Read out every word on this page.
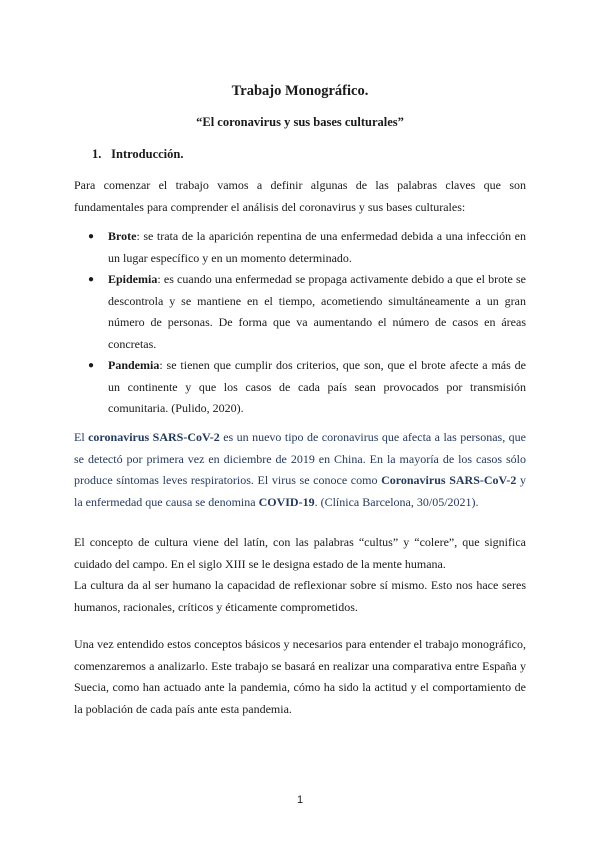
Trabajo Monográfico.
“El coronavirus y sus bases culturales”
1. Introducción.

Para comenzar el trabajo vamos a definir algunas de las palabras claves que son fundamentales para comprender el análisis del coronavirus y sus bases culturales:

● Brote: se trata de la aparición repentina de una enfermedad debida a una infección en un lugar específico y en un momento determinado.
● Epidemia: es cuando una enfermedad se propaga activamente debido a que el brote se descontrola y se mantiene en el tiempo, acometiendo simultáneamente a un gran número de personas. De forma que va aumentando el número de casos en áreas concretas.
● Pandemia: se tienen que cumplir dos criterios, que son, que el brote afecte a más de un continente y que los casos de cada país sean provocados por transmisión comunitaria. (Pulido, 2020).

El coronavirus SARS-CoV-2 es un nuevo tipo de coronavirus que afecta a las personas, que se detectó por primera vez en diciembre de 2019 en China. En la mayoría de los casos sólo produce síntomas leves respiratorios. El virus se conoce como Coronavirus SARS-CoV-2 y la enfermedad que causa se denomina COVID-19. (Clínica Barcelona, 30/05/2021).

El concepto de cultura viene del latín, con las palabras “cultus” y “colere”, que significa cuidado del campo. En el siglo XIII se le designa estado de la mente humana.

La cultura da al ser humano la capacidad de reflexionar sobre sí mismo. Esto nos hace seres humanos, racionales, críticos y éticamente comprometidos.

Una vez entendido estos conceptos básicos y necesarios para entender el trabajo monográfico, comenzaremos a analizarlo. Este trabajo se basará en realizar una comparativa entre España y Suecia, como han actuado ante la pandemia, cómo ha sido la actitud y el comportamiento de la población de cada país ante esta pandemia.

1
